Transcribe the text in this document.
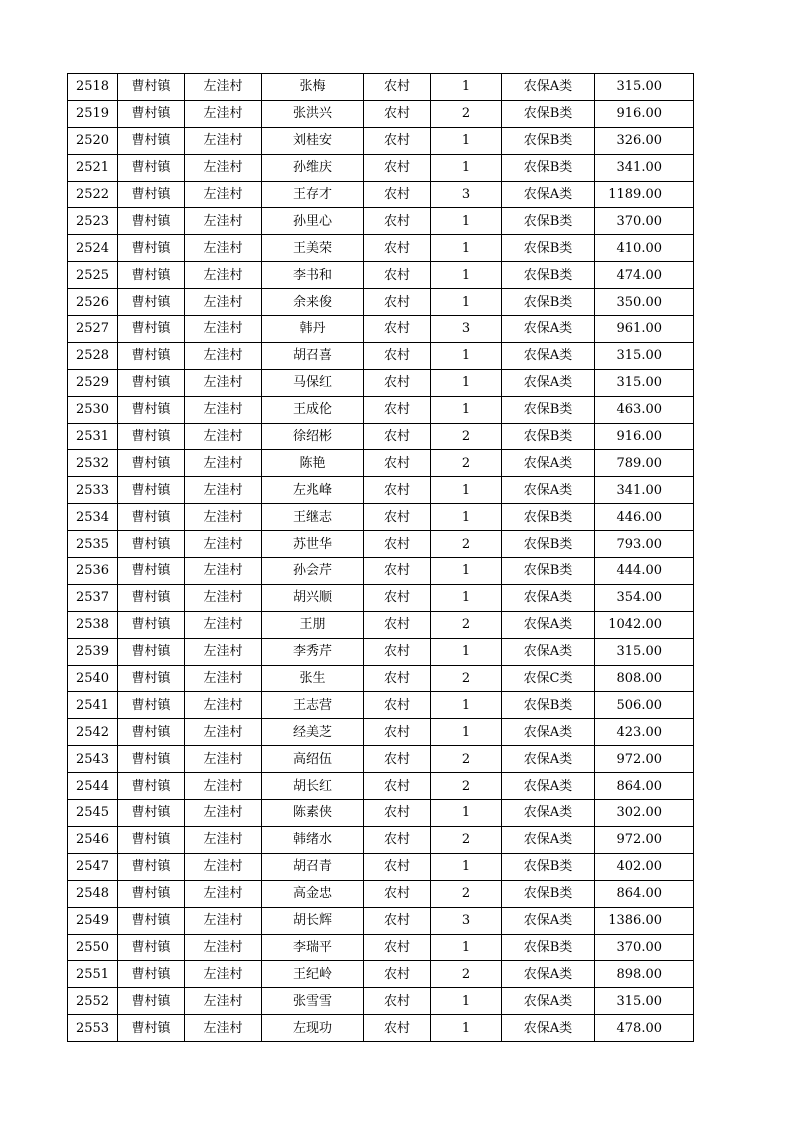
2518	曹村镇	左洼村	张梅	农村	1	农保A类	315.00
2519	曹村镇	左洼村	张洪兴	农村	2	农保B类	916.00
2520	曹村镇	左洼村	刘桂安	农村	1	农保B类	326.00
2521	曹村镇	左洼村	孙维庆	农村	1	农保B类	341.00
2522	曹村镇	左洼村	王存才	农村	3	农保A类	1189.00
2523	曹村镇	左洼村	孙里心	农村	1	农保B类	370.00
2524	曹村镇	左洼村	王美荣	农村	1	农保B类	410.00
2525	曹村镇	左洼村	李书和	农村	1	农保B类	474.00
2526	曹村镇	左洼村	余来俊	农村	1	农保B类	350.00
2527	曹村镇	左洼村	韩丹	农村	3	农保A类	961.00
2528	曹村镇	左洼村	胡召喜	农村	1	农保A类	315.00
2529	曹村镇	左洼村	马保红	农村	1	农保A类	315.00
2530	曹村镇	左洼村	王成伦	农村	1	农保B类	463.00
2531	曹村镇	左洼村	徐绍彬	农村	2	农保B类	916.00
2532	曹村镇	左洼村	陈艳	农村	2	农保A类	789.00
2533	曹村镇	左洼村	左兆峰	农村	1	农保A类	341.00
2534	曹村镇	左洼村	王继志	农村	1	农保B类	446.00
2535	曹村镇	左洼村	苏世华	农村	2	农保B类	793.00
2536	曹村镇	左洼村	孙会芹	农村	1	农保B类	444.00
2537	曹村镇	左洼村	胡兴顺	农村	1	农保A类	354.00
2538	曹村镇	左洼村	王朋	农村	2	农保A类	1042.00
2539	曹村镇	左洼村	李秀芹	农村	1	农保A类	315.00
2540	曹村镇	左洼村	张生	农村	2	农保C类	808.00
2541	曹村镇	左洼村	王志营	农村	1	农保B类	506.00
2542	曹村镇	左洼村	经美芝	农村	1	农保A类	423.00
2543	曹村镇	左洼村	高绍伍	农村	2	农保A类	972.00
2544	曹村镇	左洼村	胡长红	农村	2	农保A类	864.00
2545	曹村镇	左洼村	陈素侠	农村	1	农保A类	302.00
2546	曹村镇	左洼村	韩绪水	农村	2	农保A类	972.00
2547	曹村镇	左洼村	胡召青	农村	1	农保B类	402.00
2548	曹村镇	左洼村	高金忠	农村	2	农保B类	864.00
2549	曹村镇	左洼村	胡长辉	农村	3	农保A类	1386.00
2550	曹村镇	左洼村	李瑞平	农村	1	农保B类	370.00
2551	曹村镇	左洼村	王纪岭	农村	2	农保A类	898.00
2552	曹村镇	左洼村	张雪雪	农村	1	农保A类	315.00
2553	曹村镇	左洼村	左现功	农村	1	农保A类	478.00
